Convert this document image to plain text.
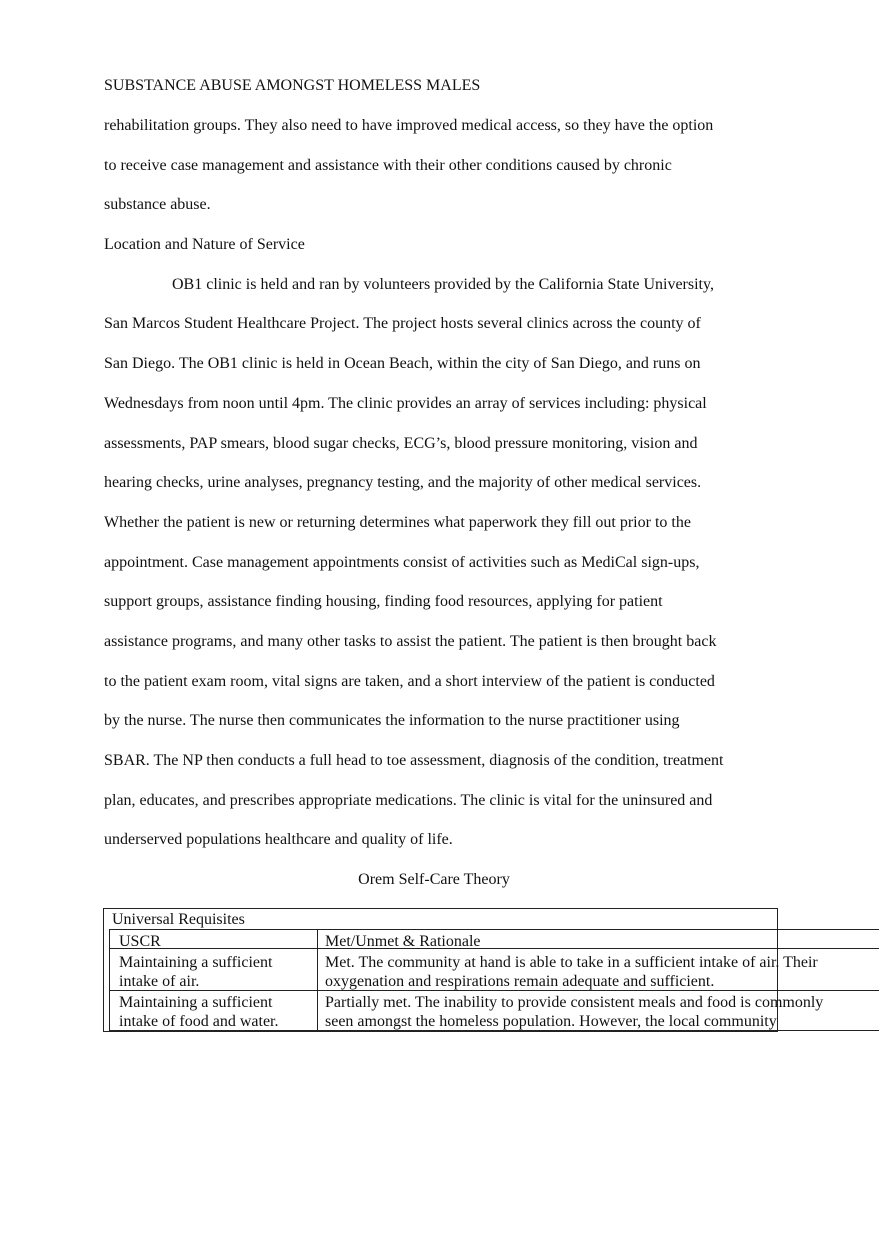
SUBSTANCE ABUSE AMONGST HOMELESS MALES
rehabilitation groups. They also need to have improved medical access, so they have the option
to receive case management and assistance with their other conditions caused by chronic
substance abuse.
Location and Nature of Service
OB1 clinic is held and ran by volunteers provided by the California State University,
San Marcos Student Healthcare Project. The project hosts several clinics across the county of
San Diego. The OB1 clinic is held in Ocean Beach, within the city of San Diego, and runs on
Wednesdays from noon until 4pm. The clinic provides an array of services including: physical
assessments, PAP smears, blood sugar checks, ECG’s, blood pressure monitoring, vision and
hearing checks, urine analyses, pregnancy testing, and the majority of other medical services.
Whether the patient is new or returning determines what paperwork they fill out prior to the
appointment. Case management appointments consist of activities such as MediCal sign-ups,
support groups, assistance finding housing, finding food resources, applying for patient
assistance programs, and many other tasks to assist the patient. The patient is then brought back
to the patient exam room, vital signs are taken, and a short interview of the patient is conducted
by the nurse. The nurse then communicates the information to the nurse practitioner using
SBAR. The NP then conducts a full head to toe assessment, diagnosis of the condition, treatment
plan, educates, and prescribes appropriate medications. The clinic is vital for the uninsured and
underserved populations healthcare and quality of life.
Orem Self-Care Theory
Universal Requisites
USCR	Met/Unmet & Rationale
Maintaining a sufficient
intake of air.
Met. The community at hand is able to take in a sufficient intake of air. Their
oxygenation and respirations remain adequate and sufficient.
Maintaining a sufficient
intake of food and water.
Partially met. The inability to provide consistent meals and food is commonly
seen amongst the homeless population. However, the local community
